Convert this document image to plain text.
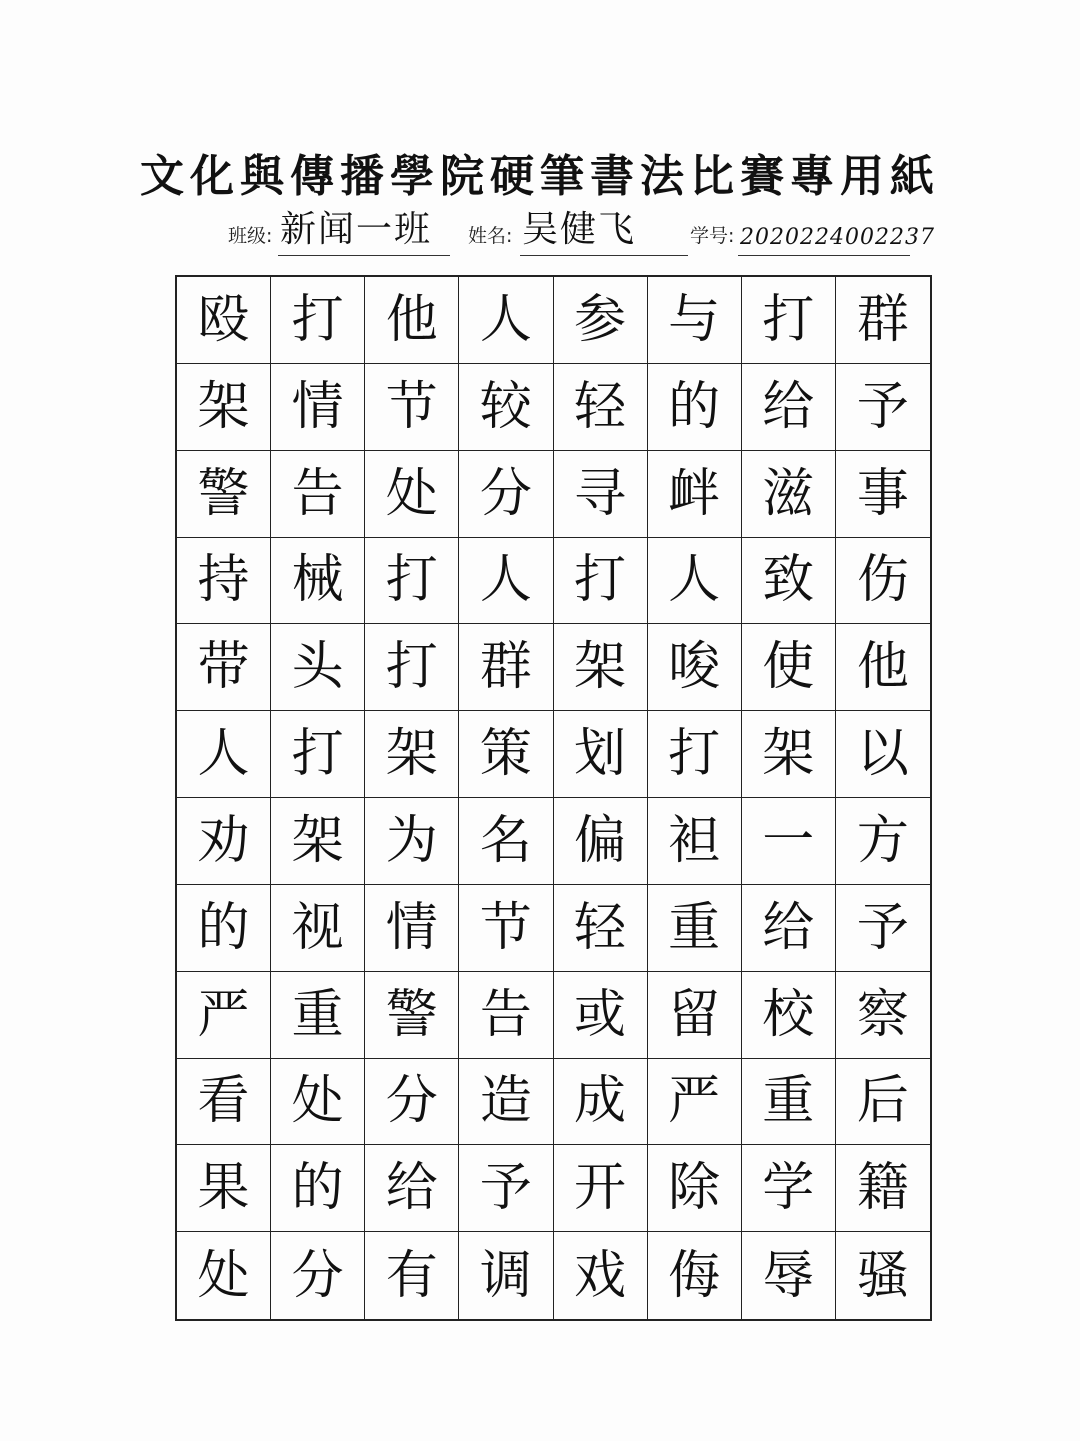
文化與傳播學院硬筆書法比賽專用紙
班级: 新闻一班 姓名: 吴健飞	学号: 2020224002237
殴 打 他 人 参 与 打 群
架 情 节 较 轻 的 给 予
警 告 处 分 寻 衅 滋 事
持 械 打 人 打 人 致 伤
带 头 打 群 架 唆 使 他
人 打 架 策 划 打 架 以
劝 架 为 名 偏 袒 一 方
的 视 情 节 轻 重 给 予
严 重 警 告 或 留 校 察
看 处 分 造 成 严 重 后
果 的 给 予 开 除 学 籍
处 分 有 调 戏 侮 辱 骚
